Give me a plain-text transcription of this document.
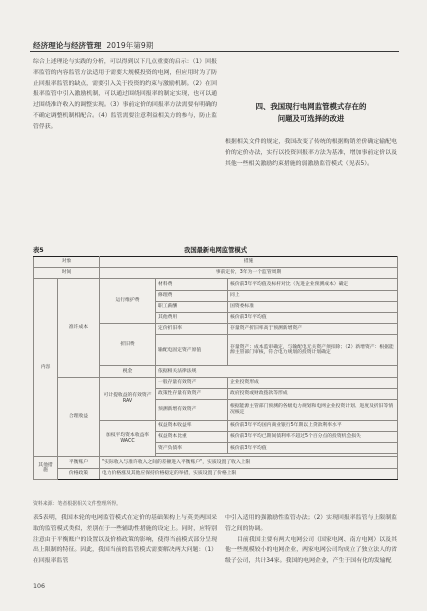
经济理论与经济管理 2019年第9期

综合上述理论与实践的分析，可以得到以下几点重要的启示：（1）回报率监管的内容监管方法适用于需要大规模投资的电网，但应用时为了防止回报率监管的缺点，需要引入关于投资的约束与激励机制。（2）在回报率监管中引入激励机制，可以通过围绕回报率的制定实现，也可以通过围绕准许收入的调整实现。（3）事前定价的回报率方法需要有明确的不确定调整机制相配合。（4）监管需要注意利益相关方的参与，防止监管俘获。

四、我国现行电网监管模式存在的
问题及可选择的改进

根据相关文件的规定，我国改变了传统的根据购销差价确定输配电价的定价办法，实行以投资回报率方法为基准，增加事前定价以及其他一些相关激励约束措施的弱激励监管模式（见表5）。

表5	我国最新电网监管模式
对象		措施		
时间		事前定价，3年为一个监管周期		
内容	准许成本	运行维护费	材料费	核价前3年平均值及标杆对比（先进企业预测成本）确定
			修理费	同上
			职工薪酬	国资委标准
			其他费用	核价前3年平均值
		折旧费	定价折旧率	存量资产折旧率高于预测新增资产
			输配电固定资产原值	存量资产：成本监审确定，与输配电无关资产须扣除；（2）新增资产：根据能源主管部门审核，符合电力规划的投资计划确定
		税金	依据相关法律法规	
	合理收益	可计提收益的有效资产RAV	一般存量有效资产	企业投资形成
			政策性存量有效资产	政府投资或财政拨款等形成
			预测新增有效资产	根据能源主管部门预测的各级电力规划和电网企业投资计划、进度及折旧等情况核定
		加权平均资本收益率WACC	权益资本收益率	核价前3年平均国内商业银行5年期以上贷款利率水平
			权益资本比重	核价前3年平均已期间债利率不超过5个百分点的投资机会损失
			资产负债率	核价前3年平均值

其他措施	平衡账户	"实际收入与准许收入之间的差额进入平衡账户"，实质设置了收入上限		
	价格政策	电力价格涨及其他应保持价格稳定的举措，实质设置了价格上限		
资料来源：笔者根据相关文件整理所得。

表5表明，我国本轮的电网监管模式在定价的基础架构上与英美两国采取的监管模式类似，差别在于一些辅助性措施的设定上。同时，应特别注意由于平衡账户的设置以及价格政策的影响，使得当前模式部分呈现出上限制的特征。因此，我国当前的监管模式需要解决两大问题：（1）在回报率监管

中引入适用的强激励性监管办法；（2）实现回报率监管与上限制监管之间的协调。

目前我国主要有两大电网公司（国家电网、南方电网）以及其他一些规模较小的电网企业，两家电网公司均成立了独立法人的省级子公司，共计34家。我国的电网企业，产生于国有化的发输配

106
